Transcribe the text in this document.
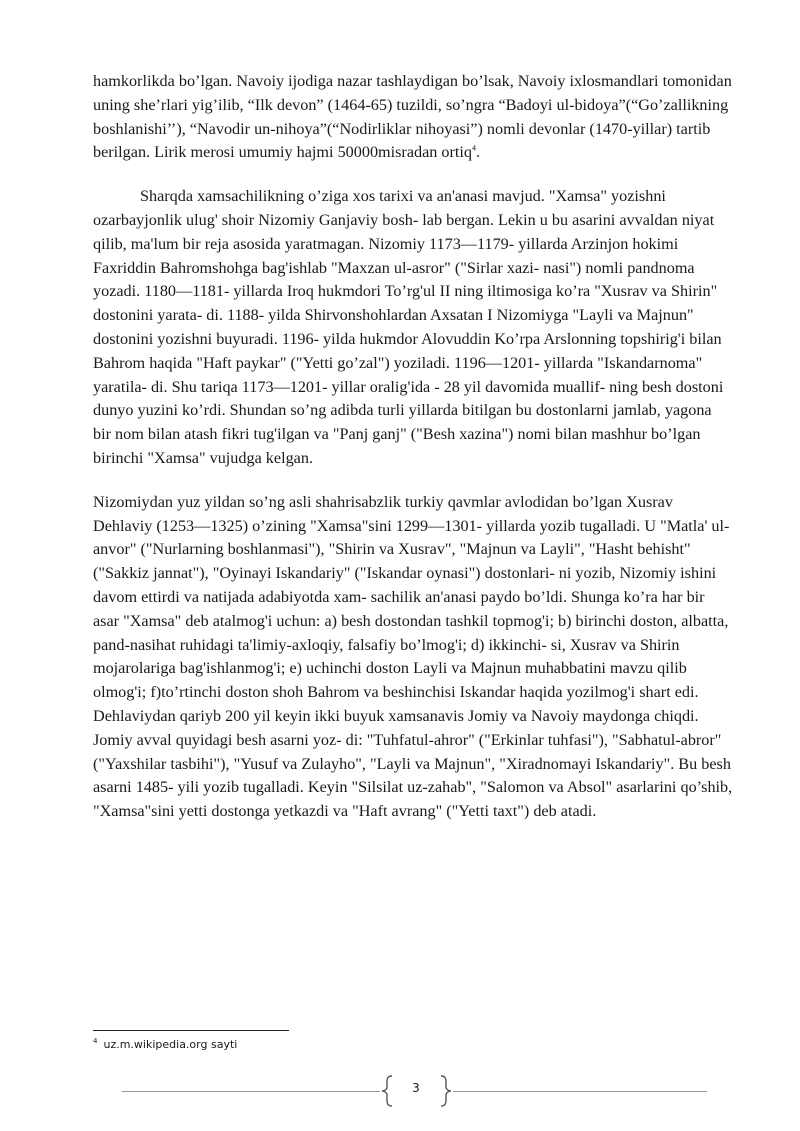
hamkorlikda bo’lgan. Navoiy ijodiga nazar tashlaydigan bo’lsak, Navoiy ixlosmandlari tomonidan uning she’rlari yig’ilib, “Ilk devon” (1464-65) tuzildi, so’ngra “Badoyi ul-bidoya”(“Go’zallikning boshlanishi’’), “Navodir un-nihoya”(“Nodirliklar nihoyasi”) nomli devonlar (1470-yillar) tartib berilgan. Lirik merosi umumiy hajmi 50000misradan ortiq$^4$.

Sharqda xamsachilikning o’ziga xos tarixi va an'anasi mavjud. "Xamsa" yozishni ozarbayjonlik ulug' shoir Nizomiy Ganjaviy bosh- lab bergan. Lekin u bu asarini avvaldan niyat qilib, ma'lum bir reja asosida yaratmagan. Nizomiy 1173—1179- yillarda Arzinjon hokimi Faxriddin Bahromshohga bag'ishlab "Maxzan ul-asror" ("Sirlar xazi- nasi") nomli pandnoma yozadi. 1180—1181- yillarda Iroq hukmdori To’rg'ul II ning iltimosiga ko’ra "Xusrav va Shirin" dostonini yarata- di. 1188- yilda Shirvonshohlardan Axsatan I Nizomiyga "Layli va Majnun" dostonini yozishni buyuradi. 1196- yilda hukmdor Alovuddin Ko’rpa Arslonning topshirig'i bilan Bahrom haqida "Haft paykar" ("Yetti go’zal") yoziladi. 1196—1201- yillarda "Iskandarnoma" yaratila- di. Shu tariqa 1173—1201- yillar oralig'ida - 28 yil davomida muallif- ning besh dostoni dunyo yuzini ko’rdi. Shundan so’ng adibda turli yillarda bitilgan bu dostonlarni jamlab, yagona bir nom bilan atash fikri tug'ilgan va "Panj ganj" ("Besh xazina") nomi bilan mashhur bo’lgan birinchi "Xamsa" vujudga kelgan.

Nizomiydan yuz yildan so’ng asli shahrisabzlik turkiy qavmlar avlodidan bo’lgan Xusrav Dehlaviy (1253—1325) o’zining "Xamsa"sini 1299—1301- yillarda yozib tugalladi. U "Matla' ul-anvor" ("Nurlarning boshlanmasi"), "Shirin va Xusrav", "Majnun va Layli", "Hasht behisht" ("Sakkiz jannat"), "Oyinayi Iskandariy" ("Iskandar oynasi") dostonlari- ni yozib, Nizomiy ishini davom ettirdi va natijada adabiyotda xam- sachilik an'anasi paydo bo’ldi. Shunga ko’ra har bir asar "Xamsa" deb atalmog'i uchun: a) besh dostondan tashkil topmog'i; b) birinchi doston, albatta, pand-nasihat ruhidagi ta'limiy-axloqiy, falsafiy bo’lmog'i; d) ikkinchi- si, Xusrav va Shirin mojarolariga bag'ishlanmog'i; e) uchinchi doston Layli va Majnun muhabbatini mavzu qilib olmog'i; f)to’rtinchi doston shoh Bahrom va beshinchisi Iskandar haqida yozilmog'i shart edi. Dehlaviydan qariyb 200 yil keyin ikki buyuk xamsanavis Jomiy va Navoiy maydonga chiqdi. Jomiy avval quyidagi besh asarni yoz- di: "Tuhfatul-ahror" ("Erkinlar tuhfasi"), "Sabhatul-abror" ("Yaxshilar tasbihi"), "Yusuf va Zulayho", "Layli va Majnun", "Xiradnomayi Iskandariy". Bu besh asarni 1485- yili yozib tugalladi. Keyin "Silsilat uz-zahab", "Salomon va Absol" asarlarini qo’shib, "Xamsa"sini yetti dostonga yetkazdi va "Haft avrang" ("Yetti taxt") deb atadi.

$^4$ uz.m.wikipedia.org sayti
3
